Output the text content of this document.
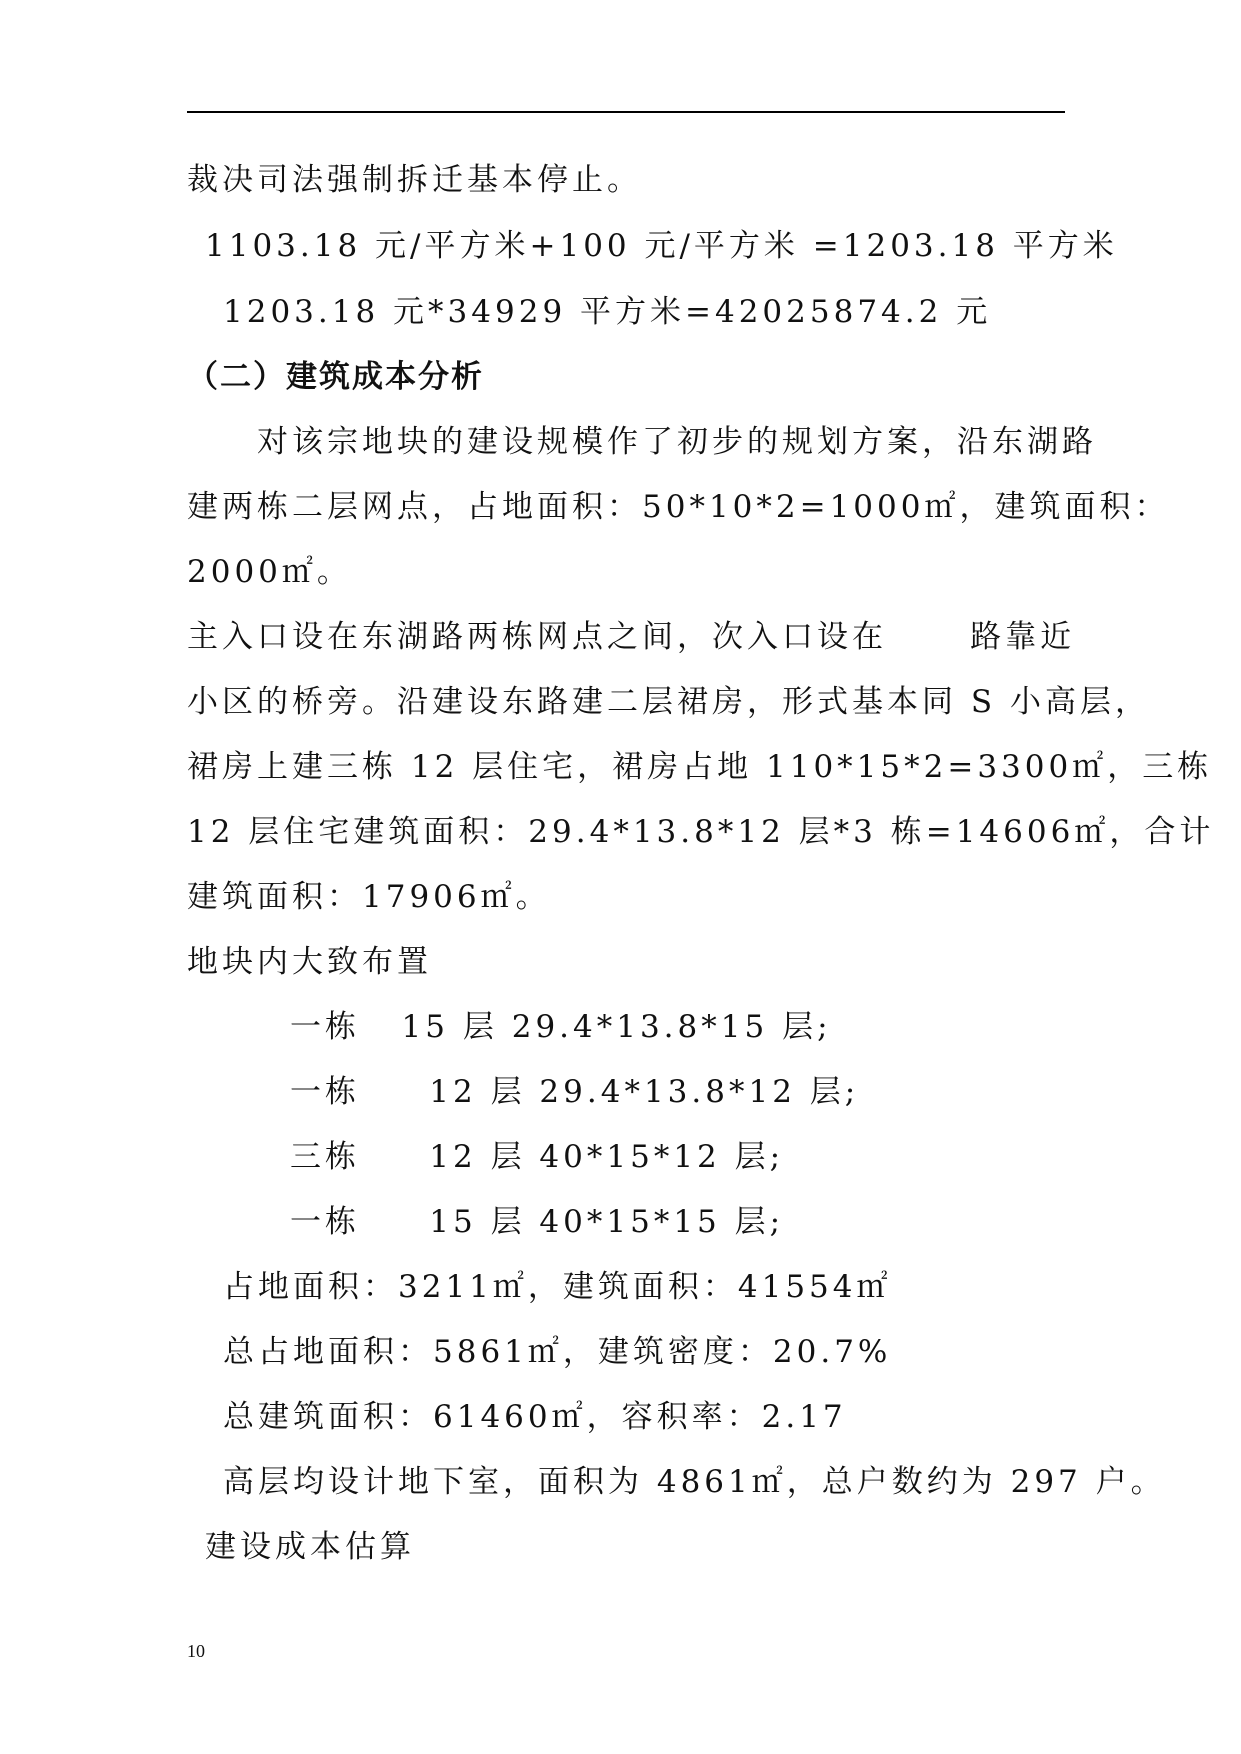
裁决司法强制拆迁基本停止。
1103.18 元/平方米+100 元/平方米 =1203.18 平方米
1203.18 元*34929 平方米=42025874.2 元
（二）建筑成本分析
对该宗地块的建设规模作了初步的规划方案，沿东湖路
建两栋二层网点，占地面积：50*10*2=1000㎡，建筑面积：
2000㎡。
主入口设在东湖路两栋网点之间，次入口设在      路靠近
小区的桥旁。沿建设东路建二层裙房，形式基本同 S 小高层，
裙房上建三栋 12 层住宅，裙房占地 110*15*2=3300㎡，三栋
12 层住宅建筑面积：29.4*13.8*12 层*3 栋=14606㎡，合计
建筑面积：17906㎡。
地块内大致布置
一栋   15 层 29.4*13.8*15 层;
一栋     12 层 29.4*13.8*12 层;
三栋     12 层 40*15*12 层;
一栋     15 层 40*15*15 层;
占地面积：3211㎡，建筑面积：41554㎡
总占地面积：5861㎡，建筑密度：20.7%
总建筑面积：61460㎡，容积率：2.17
高层均设计地下室，面积为 4861㎡，总户数约为 297 户。
建设成本估算
10
